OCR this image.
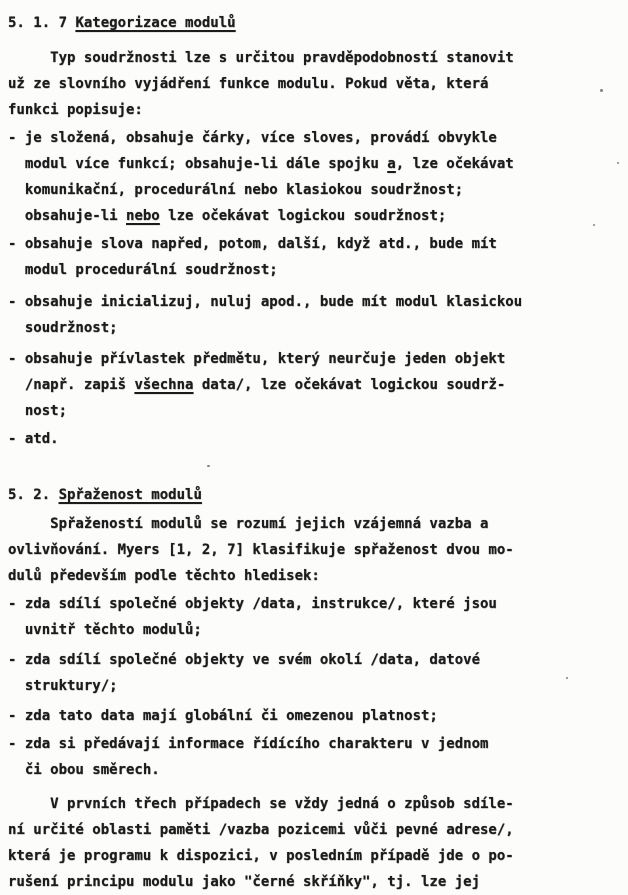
5. 1. 7 Kategorizace modulů
Typ soudržnosti lze s určitou pravděpodobností stanovit
už ze slovního vyjádření funkce modulu. Pokud věta, která
funkci popisuje:
- je složená, obsahuje čárky, více sloves, provádí obvykle
modul více funkcí; obsahuje-li dále spojku a, lze očekávat
komunikační, procedurální nebo klasiokou soudržnost;
obsahuje-li nebo lze očekávat logickou soudržnost;
- obsahuje slova napřed, potom, další, když atd., bude mít
modul procedurální soudržnost;
- obsahuje inicializuj, nuluj apod., bude mít modul klasickou
soudržnost;
- obsahuje přívlastek předmětu, který neurčuje jeden objekt
/např. zapiš všechna data/, lze očekávat logickou soudrž-
nost;
- atd.
5. 2. Spřaženost modulů
Spřažeností modulů se rozumí jejich vzájemná vazba a
ovlivňování. Myers [1, 2, 7] klasifikuje spřaženost dvou mo-
dulů především podle těchto hledisek:
- zda sdílí společné objekty /data, instrukce/, které jsou
uvnitř těchto modulů;
- zda sdílí společné objekty ve svém okolí /data, datové
struktury/;
- zda tato data mají globální či omezenou platnost;
- zda si předávají informace řídícího charakteru v jednom
či obou směrech.
V prvních třech případech se vždy jedná o způsob sdíle-
ní určité oblasti paměti /vazba pozicemi vůči pevné adrese/,
která je programu k dispozici, v posledním případě jde o po-
rušení principu modulu jako "černé skříňky", tj. lze jej
